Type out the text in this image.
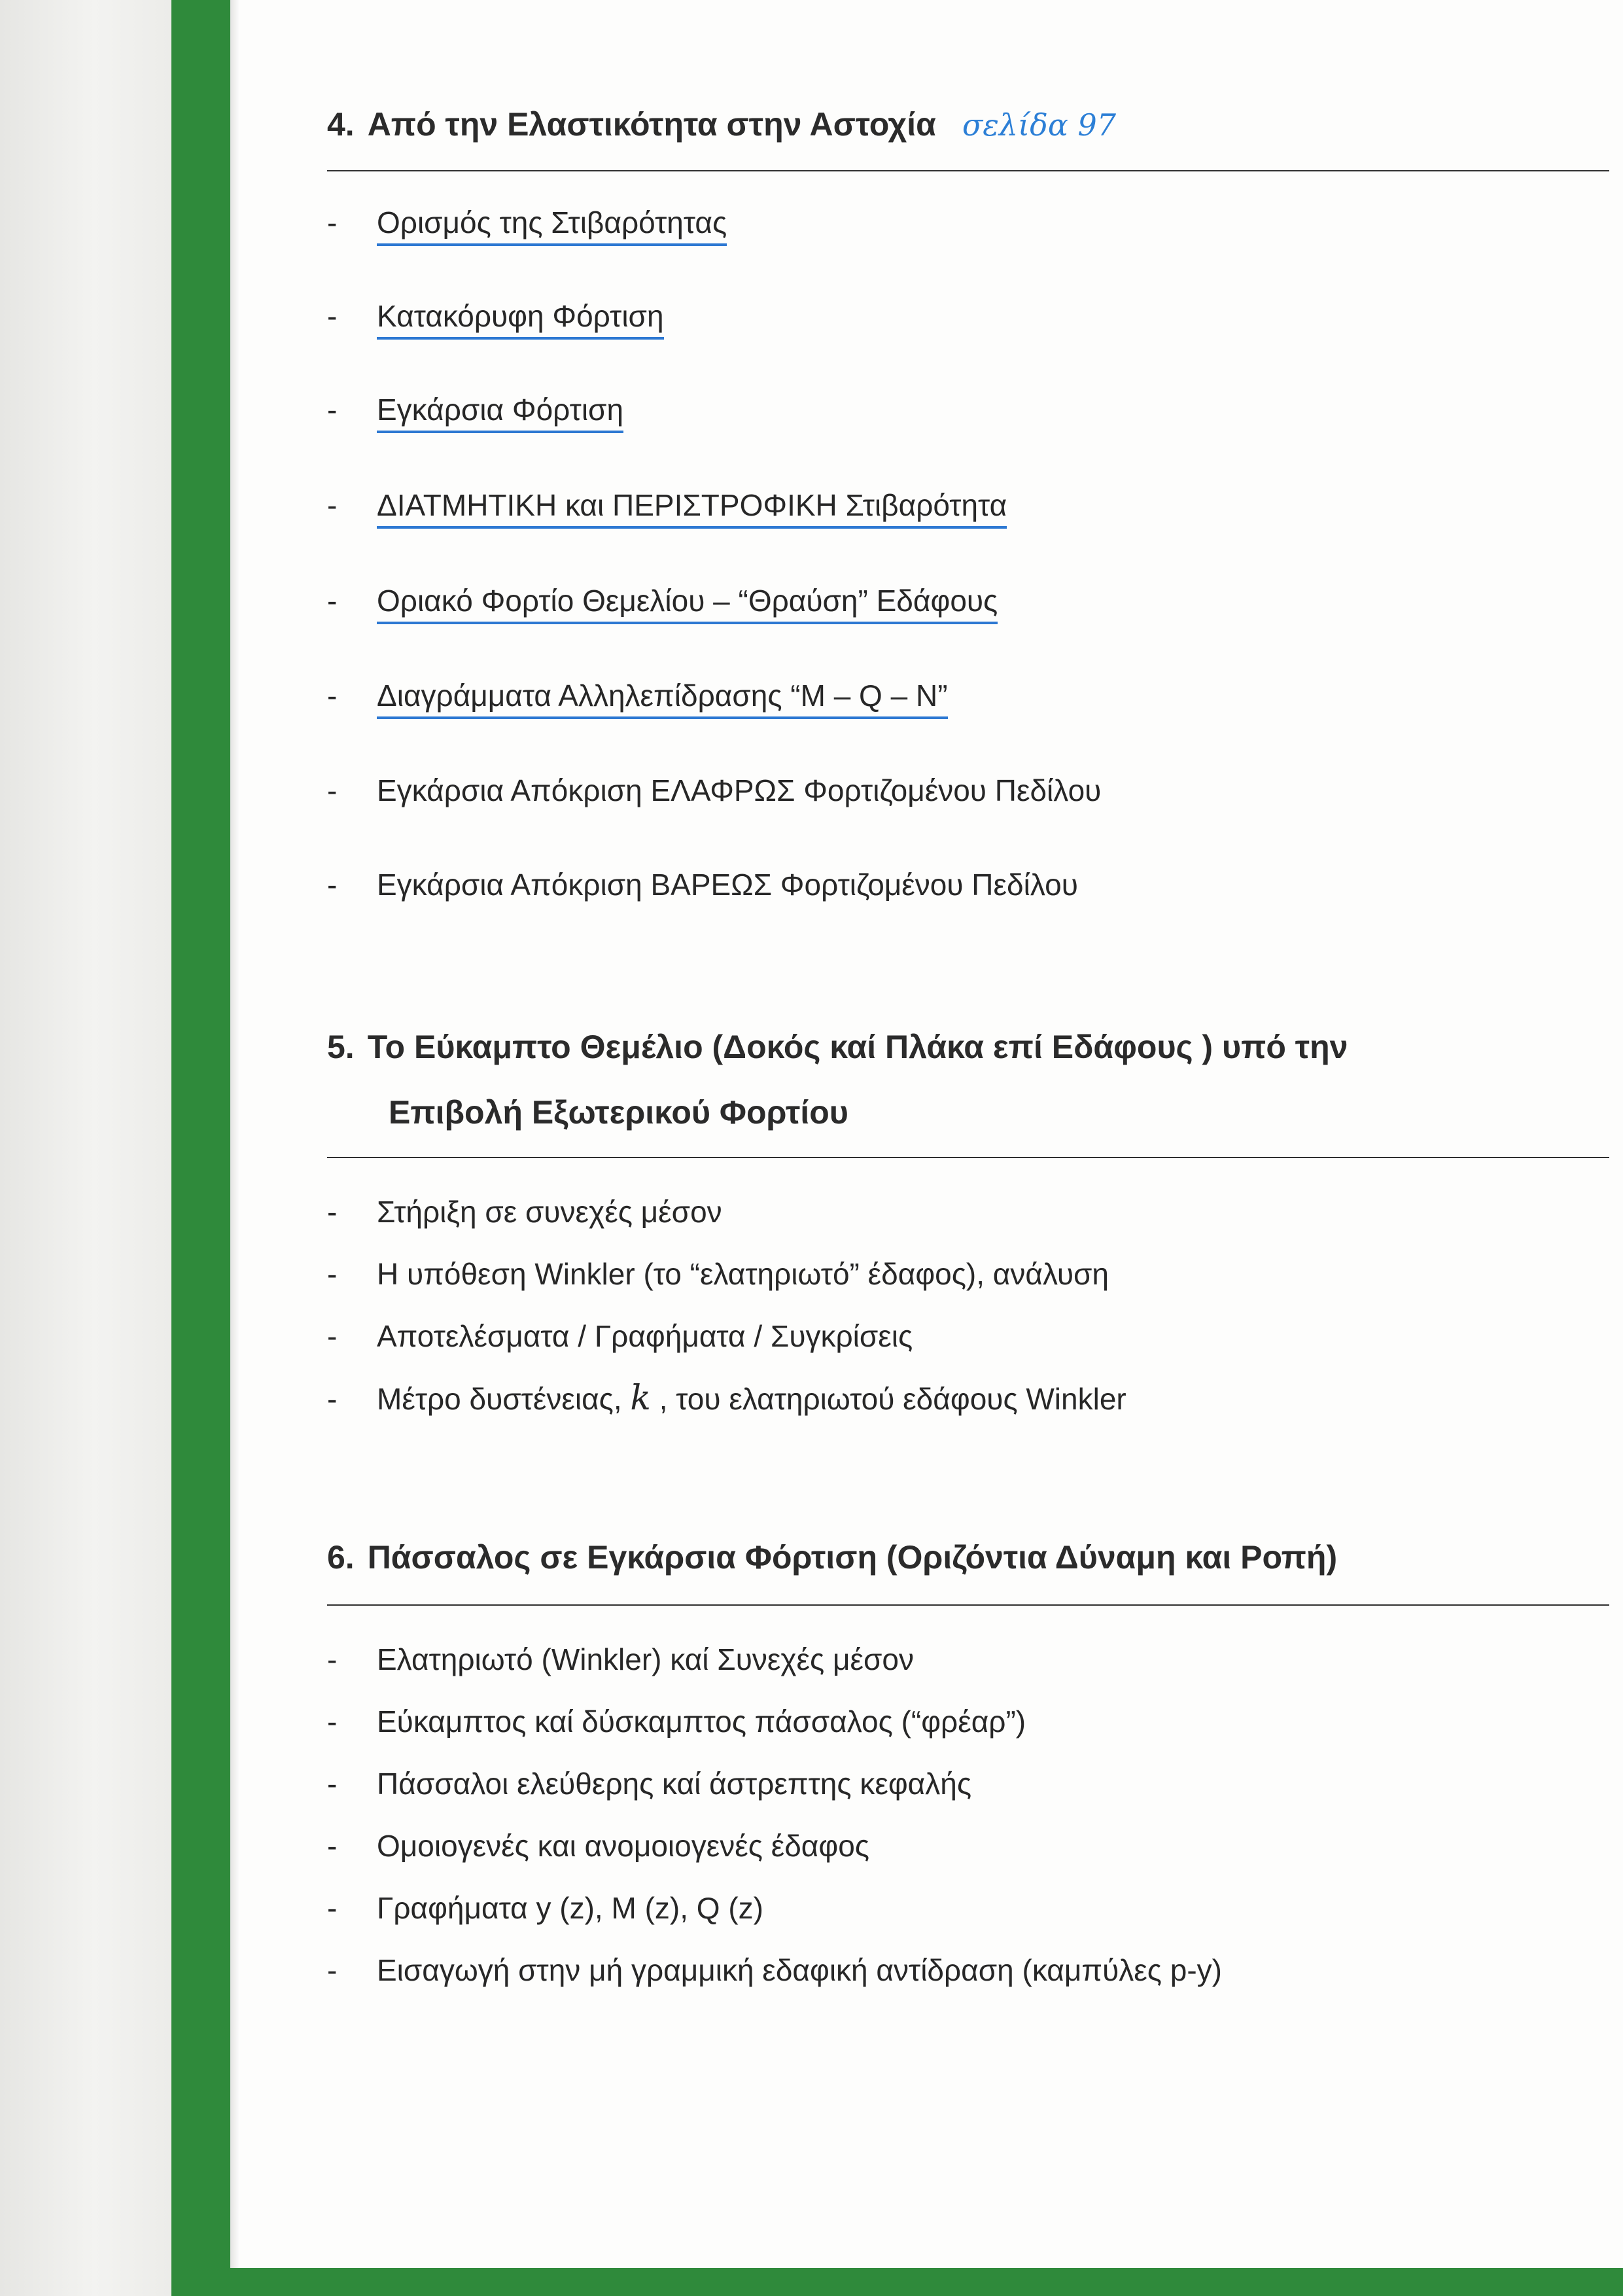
4. Από την Ελαστικότητα στην Αστοχία σελίδα 97
- Ορισμός της Στιβαρότητας
- Κατακόρυφη Φόρτιση
- Εγκάρσια Φόρτιση
- ΔΙΑΤΜΗΤΙΚΗ και ΠΕΡΙΣΤΡΟΦΙΚΗ Στιβαρότητα
- Οριακό Φορτίο Θεμελίου – “Θραύση” Εδάφους
- Διαγράμματα Αλληλεπίδρασης “M – Q – N”
- Εγκάρσια Απόκριση ΕΛΑΦΡΩΣ Φορτιζομένου Πεδίλου
- Εγκάρσια Απόκριση ΒΑΡΕΩΣ Φορτιζομένου Πεδίλου
5. Το Εύκαμπτο Θεμέλιο (Δοκός καί Πλάκα επί Εδάφους ) υπό την
Επιβολή Εξωτερικού Φορτίου
- Στήριξη σε συνεχές μέσον
- Η υπόθεση Winkler (το “ελατηριωτό” έδαφος), ανάλυση
- Αποτελέσματα / Γραφήματα / Συγκρίσεις
- Μέτρο δυστένειας, k , του ελατηριωτού εδάφους Winkler
6. Πάσσαλος σε Εγκάρσια Φόρτιση (Οριζόντια Δύναμη και Ροπή)
- Ελατηριωτό (Winkler) καί Συνεχές μέσον
- Εύκαμπτος καί δύσκαμπτος πάσσαλος (“φρέαρ”)
- Πάσσαλοι ελεύθερης καί άστρεπτης κεφαλής
- Ομοιογενές και ανομοιογενές έδαφος
- Γραφήματα y (z), M (z), Q (z)
- Εισαγωγή στην μή γραμμική εδαφική αντίδραση (καμπύλες p-y)
